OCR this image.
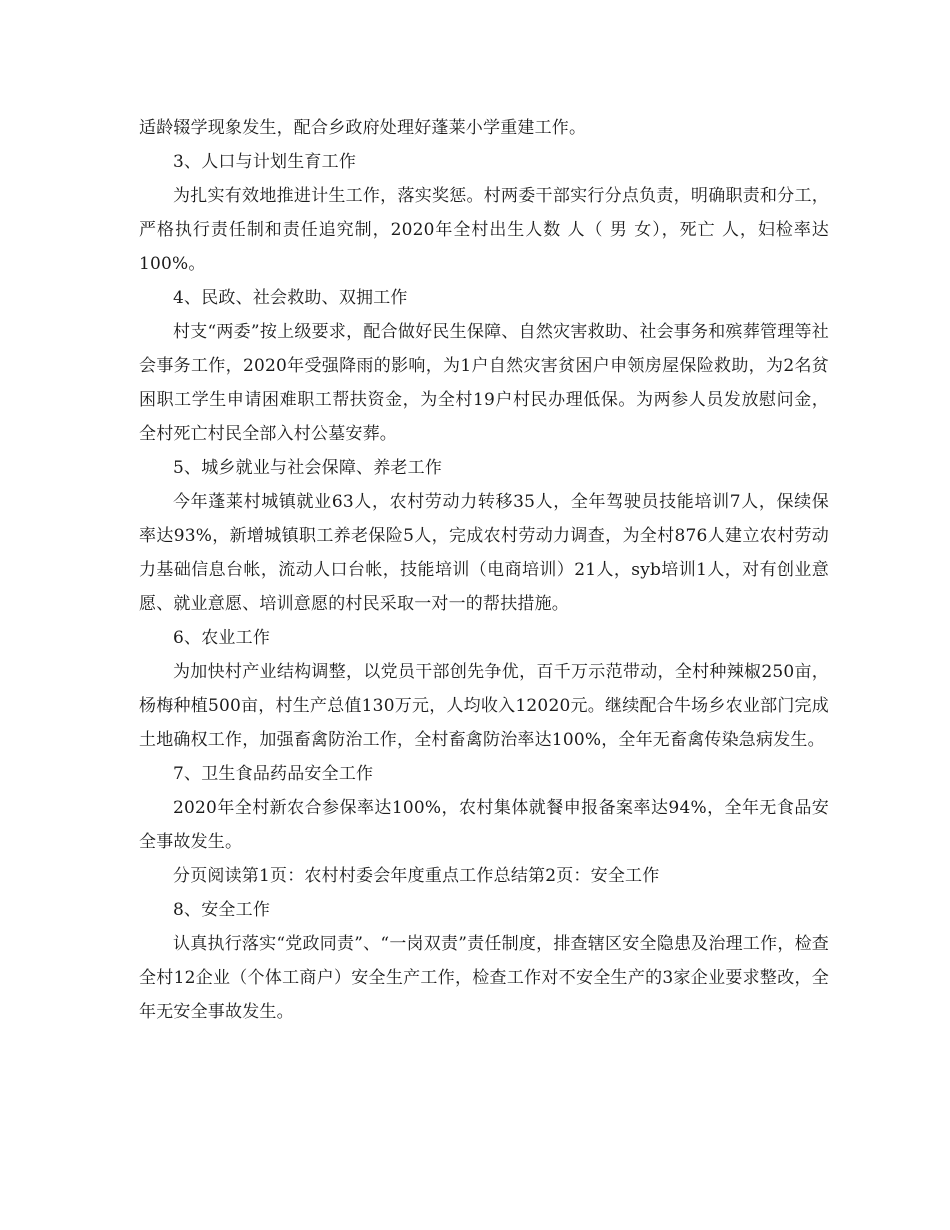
适龄辍学现象发生，配合乡政府处理好蓬莱小学重建工作。

3、人口与计划生育工作

为扎实有效地推进计生工作，落实奖惩。村两委干部实行分点负责，明确职责和分工，严格执行责任制和责任追究制，2020年全村出生人数 人（ 男 女），死亡 人，妇检率达100%。

4、民政、社会救助、双拥工作

村支“两委”按上级要求，配合做好民生保障、自然灾害救助、社会事务和殡葬管理等社会事务工作，2020年受强降雨的影响，为1户自然灾害贫困户申领房屋保险救助，为2名贫困职工学生申请困难职工帮扶资金，为全村19户村民办理低保。为两参人员发放慰问金，全村死亡村民全部入村公墓安葬。

5、城乡就业与社会保障、养老工作

今年蓬莱村城镇就业63人，农村劳动力转移35人，全年驾驶员技能培训7人，保续保率达93%，新增城镇职工养老保险5人，完成农村劳动力调查，为全村876人建立农村劳动力基础信息台帐，流动人口台帐，技能培训（电商培训）21人，syb培训1人，对有创业意愿、就业意愿、培训意愿的村民采取一对一的帮扶措施。

6、农业工作

为加快村产业结构调整，以党员干部创先争优，百千万示范带动，全村种辣椒250亩，杨梅种植500亩，村生产总值130万元，人均收入12020元。继续配合牛场乡农业部门完成土地确权工作，加强畜禽防治工作，全村畜禽防治率达100%，全年无畜禽传染急病发生。

7、卫生食品药品安全工作

2020年全村新农合参保率达100%，农村集体就餐申报备案率达94%，全年无食品安全事故发生。

分页阅读第1页：农村村委会年度重点工作总结第2页：安全工作

8、安全工作

认真执行落实“党政同责”、“一岗双责”责任制度，排查辖区安全隐患及治理工作，检查全村12企业（个体工商户）安全生产工作，检查工作对不安全生产的3家企业要求整改，全年无安全事故发生。
